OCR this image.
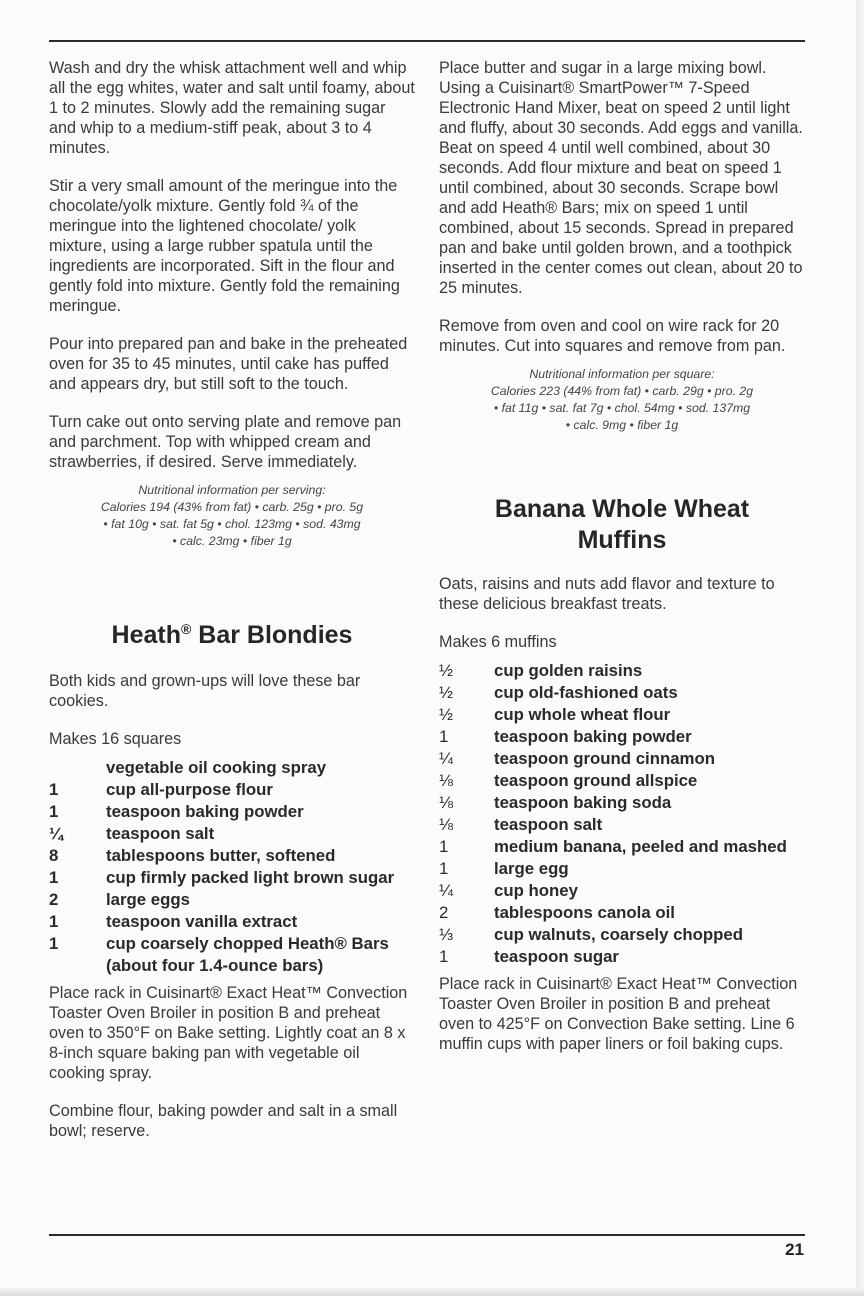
Wash and dry the whisk attachment well and whip all the egg whites, water and salt until foamy, about 1 to 2 minutes. Slowly add the remaining sugar and whip to a medium-stiff peak, about 3 to 4 minutes.

Stir a very small amount of the meringue into the chocolate/yolk mixture. Gently fold ¾ of the meringue into the lightened chocolate/ yolk mixture, using a large rubber spatula until the ingredients are incorporated. Sift in the flour and gently fold into mixture. Gently fold the remaining meringue.

Pour into prepared pan and bake in the preheated oven for 35 to 45 minutes, until cake has puffed and appears dry, but still soft to the touch.

Turn cake out onto serving plate and remove pan and parchment. Top with whipped cream and strawberries, if desired. Serve immediately.

Nutritional information per serving:

Calories 194 (43% from fat) • carb. 25g • pro. 5g

• fat 10g • sat. fat 5g • chol. 123mg • sod. 43mg

• calc. 23mg • fiber 1g

Heath® Bar Blondies

Both kids and grown-ups will love these bar cookies.

Makes 16 squares

vegetable oil cooking spray
1	cup all-purpose flour
1	teaspoon baking powder
¼	teaspoon salt
8	tablespoons butter, softened
1	cup firmly packed light brown sugar
2	large eggs
1	teaspoon vanilla extract
1	cup coarsely chopped Heath® Bars (about four 1.4-ounce bars)

Place rack in Cuisinart® Exact Heat™ Convection Toaster Oven Broiler in position B and preheat oven to 350°F on Bake setting. Lightly coat an 8 x 8-inch square baking pan with vegetable oil cooking spray.

Combine flour, baking powder and salt in a small bowl; reserve.

Place butter and sugar in a large mixing bowl. Using a Cuisinart® SmartPower™ 7-Speed Electronic Hand Mixer, beat on speed 2 until light and fluffy, about 30 seconds. Add eggs and vanilla. Beat on speed 4 until well combined, about 30 seconds. Add flour mixture and beat on speed 1 until combined, about 30 seconds. Scrape bowl and add Heath® Bars; mix on speed 1 until combined, about 15 seconds. Spread in prepared pan and bake until golden brown, and a toothpick inserted in the center comes out clean, about 20 to 25 minutes.

Remove from oven and cool on wire rack for 20 minutes. Cut into squares and remove from pan.

Nutritional information per square:

Calories 223 (44% from fat) • carb. 29g • pro. 2g

• fat 11g • sat. fat 7g • chol. 54mg • sod. 137mg

• calc. 9mg • fiber 1g

Banana Whole Wheat
Muffins

Oats, raisins and nuts add flavor and texture to these delicious breakfast treats.

Makes 6 muffins

½	cup golden raisins
½	cup old-fashioned oats
½	cup whole wheat flour
1	teaspoon baking powder
¼	teaspoon ground cinnamon
⅛	teaspoon ground allspice
⅛	teaspoon baking soda
⅛	teaspoon salt
1	medium banana, peeled and mashed
1	large egg
¼	cup honey
2	tablespoons canola oil
⅓	cup walnuts, coarsely chopped
1	teaspoon sugar

Place rack in Cuisinart® Exact Heat™ Convection Toaster Oven Broiler in position B and preheat oven to 425°F on Convection Bake setting. Line 6 muffin cups with paper liners or foil baking cups.

21
